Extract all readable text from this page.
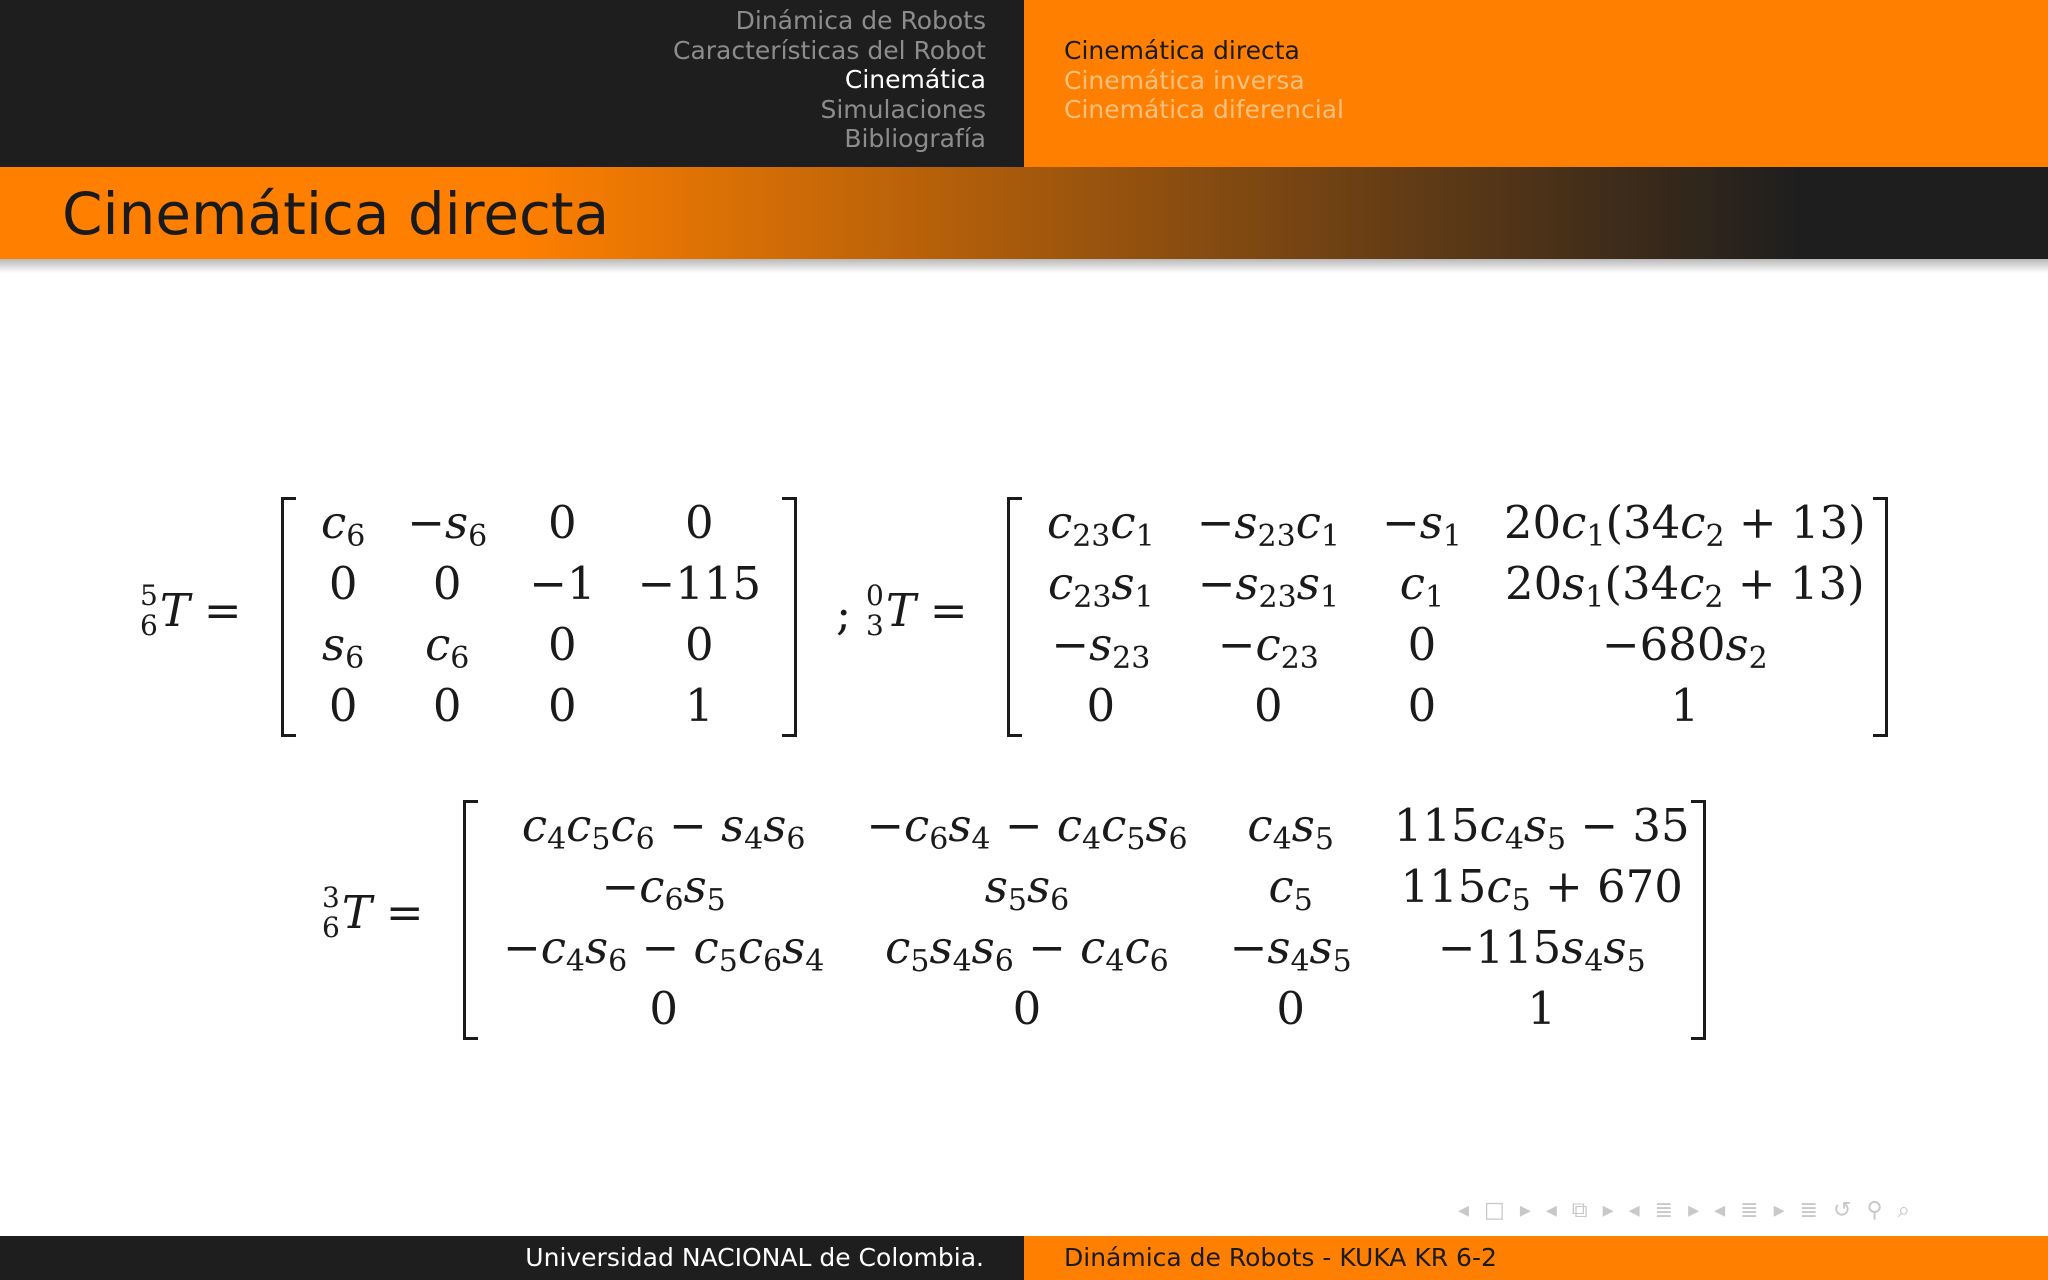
Dinámica de Robots
Características del Robot
Cinemática
Simulaciones
Bibliografía
Cinemática directa
Cinemática inversa
Cinemática diferencial
Cinemática directa
5
6 T =
$c_6$	$-s_6$	0	0
0	0	−1	−115
$s_6$	$c_6$	0	0
0	0	0	1
; 0
3 T =
$c_{23}c_1$	$-s_{23}c_1$	$-s_1$	$20c_1(34c_2 + 13)$
$c_{23}s_1$	$-s_{23}s_1$	$c_1$	$20s_1(34c_2 + 13)$
$-s_{23}$	$-c_{23}$	0	$-680s_2$
0	0	0	1
3
6 T =
$c_4c_5c_6 - s_4s_6$	$-c_6s_4 - c_4c_5s_6$	$c_4s_5$	$115c_4s_5 - 35$
$-c_6s_5$	$s_5s_6$	$c_5$	$115c_5 + 670$
$-c_4s_6 - c_5c_6s_4$	$c_5s_4s_6 - c_4c_6$	$-s_4s_5$	$-115s_4s_5$
0	0	0	1
◂ □ ▸ ◂ ⧉ ▸ ◂ ≣ ▸ ◂ ≣ ▸ ≣ ↺ ⚲ ⌕
Universidad NACIONAL de Colombia.	Dinámica de Robots - KUKA KR 6-2
